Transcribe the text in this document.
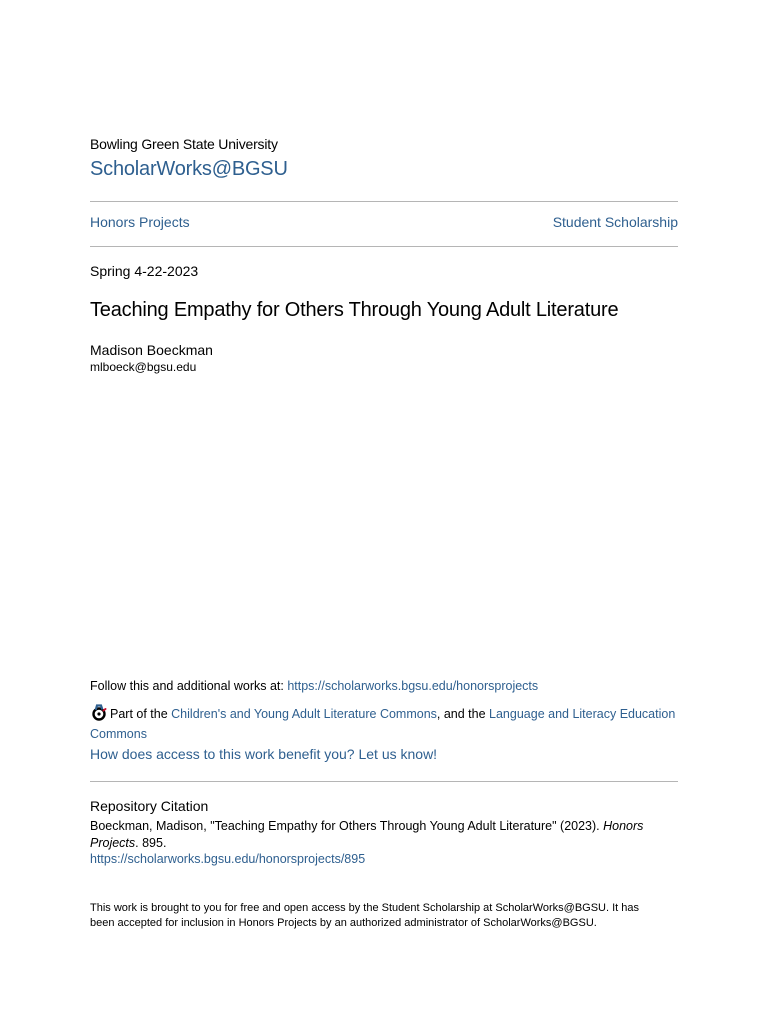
Bowling Green State University
ScholarWorks@BGSU
Honors Projects	Student Scholarship
Spring 4-22-2023
Teaching Empathy for Others Through Young Adult Literature
Madison Boeckman
mlboeck@bgsu.edu
Follow this and additional works at: https://scholarworks.bgsu.edu/honorsprojects
Part of the Children's and Young Adult Literature Commons, and the Language and Literacy Education Commons
How does access to this work benefit you? Let us know!
Repository Citation
Boeckman, Madison, "Teaching Empathy for Others Through Young Adult Literature" (2023). Honors Projects. 895.
https://scholarworks.bgsu.edu/honorsprojects/895
This work is brought to you for free and open access by the Student Scholarship at ScholarWorks@BGSU. It has been accepted for inclusion in Honors Projects by an authorized administrator of ScholarWorks@BGSU.
